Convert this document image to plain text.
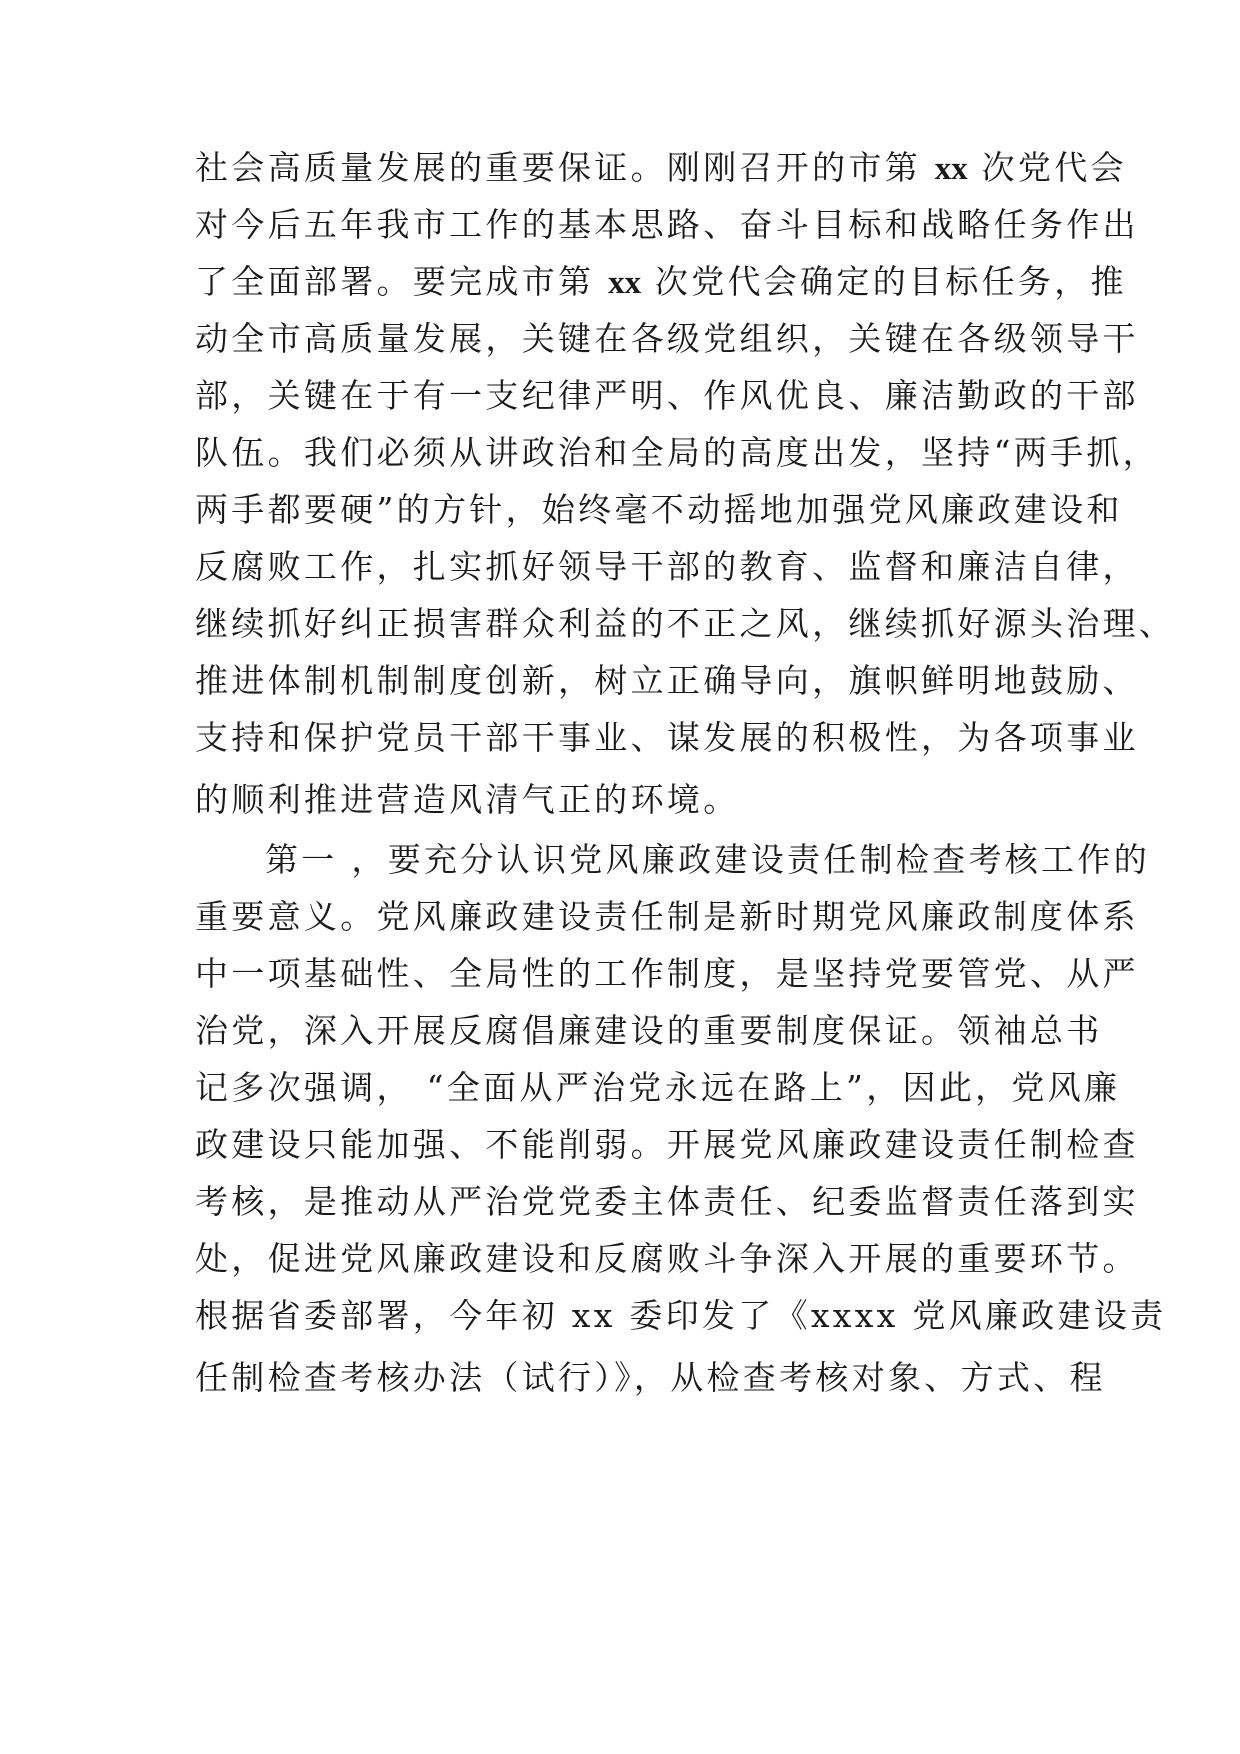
社会高质量发展的重要保证。刚刚召开的市第 xx 次党代会
对今后五年我市工作的基本思路、奋斗目标和战略任务作出
了全面部署。要完成市第 xx 次党代会确定的目标任务，推
动全市高质量发展，关键在各级党组织，关键在各级领导干
部，关键在于有一支纪律严明、作风优良、廉洁勤政的干部
队伍。我们必须从讲政治和全局的高度出发，坚持“两手抓，
两手都要硬”的方针，始终毫不动摇地加强党风廉政建设和
反腐败工作，扎实抓好领导干部的教育、监督和廉洁自律，
继续抓好纠正损害群众利益的不正之风，继续抓好源头治理、
推进体制机制制度创新，树立正确导向，旗帜鲜明地鼓励、
支持和保护党员干部干事业、谋发展的积极性，为各项事业
的顺利推进营造风清气正的环境。
第一 ，要充分认识党风廉政建设责任制检查考核工作的
重要意义。党风廉政建设责任制是新时期党风廉政制度体系
中一项基础性、全局性的工作制度，是坚持党要管党、从严
治党，深入开展反腐倡廉建设的重要制度保证。领袖总书
记多次强调， “全面从严治党永远在路上”，因此，党风廉
政建设只能加强、不能削弱。开展党风廉政建设责任制检查
考核，是推动从严治党党委主体责任、纪委监督责任落到实
处，促进党风廉政建设和反腐败斗争深入开展的重要环节。
根据省委部署，今年初 xx 委印发了《xxxx 党风廉政建设责
任制检查考核办法（试行）》，从检查考核对象、方式、程
